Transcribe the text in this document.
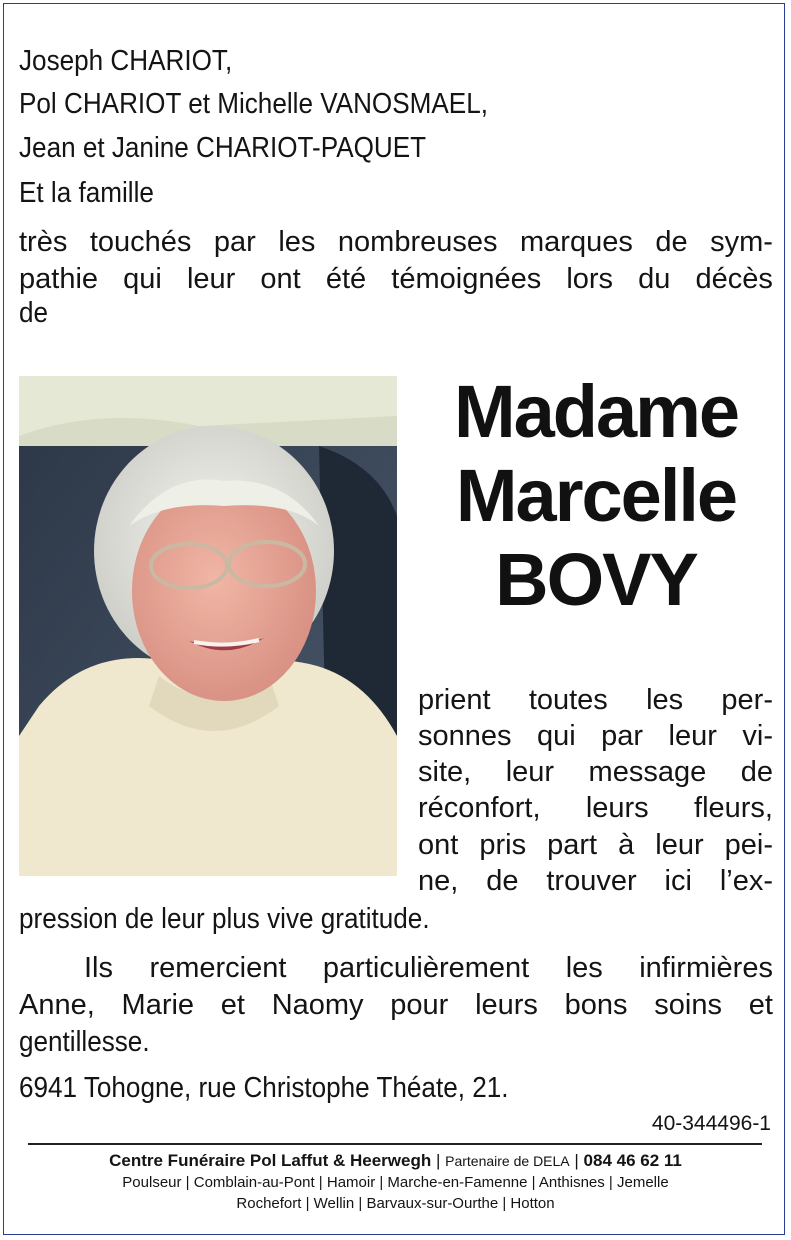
Joseph CHARIOT,
Pol CHARIOT et Michelle VANOSMAEL,
Jean et Janine CHARIOT-PAQUET
Et la famille
très touchés par les nombreuses marques de sym-
pathie qui leur ont été témoignées lors du décès
de
Madame
Marcelle
BOVY
prient toutes les per-
sonnes qui par leur vi-
site, leur message de
réconfort, leurs fleurs,
ont pris part à leur pei-
ne, de trouver ici l’ex-
pression de leur plus vive gratitude.
Ils remercient particulièrement les infirmières
Anne, Marie et Naomy pour leurs bons soins et
gentillesse.
6941 Tohogne, rue Christophe Théate, 21.
40-344496-1
Centre Funéraire Pol Laffut & Heerwegh | Partenaire de DELA | 084 46 62 11
Poulseur | Comblain-au-Pont | Hamoir | Marche-en-Famenne | Anthisnes | Jemelle
Rochefort | Wellin | Barvaux-sur-Ourthe | Hotton
